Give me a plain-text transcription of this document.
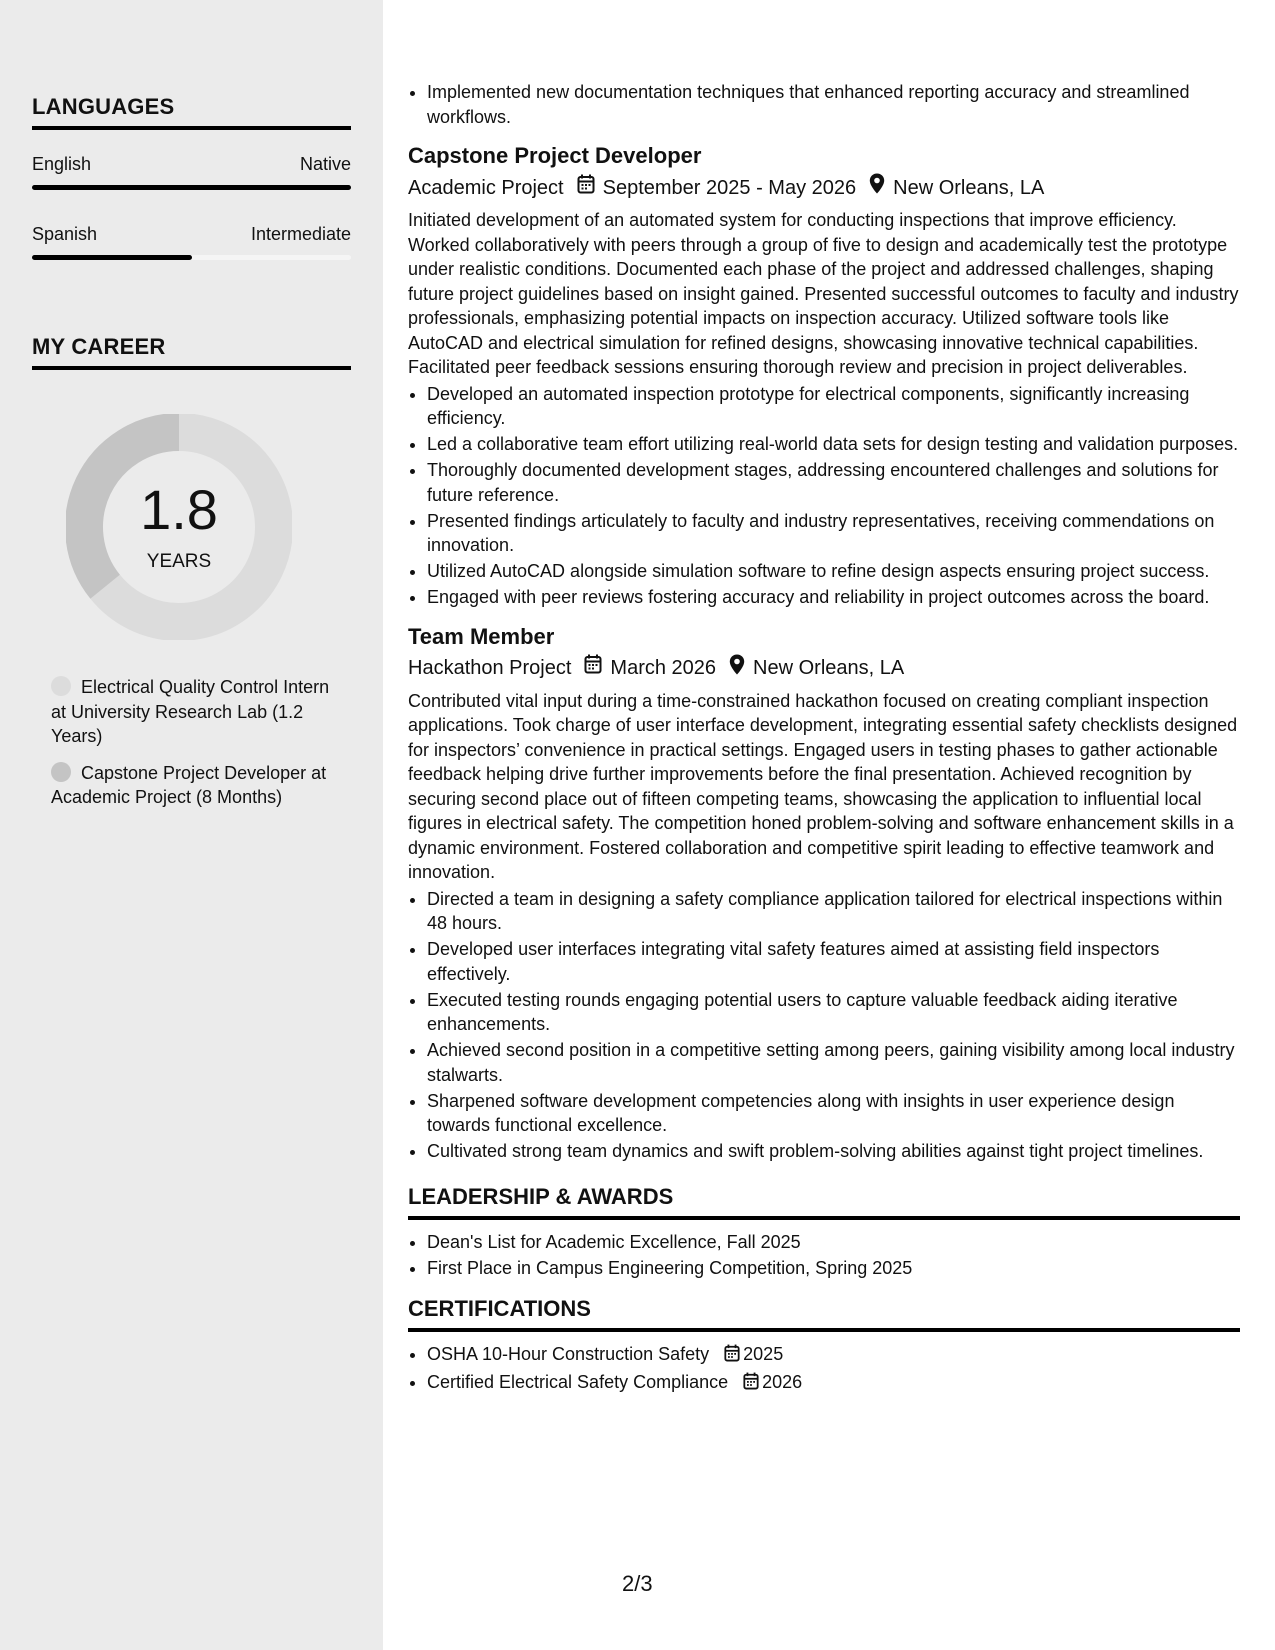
LANGUAGES
English	Native
Spanish	Intermediate
MY CAREER
1.8
YEARS
Electrical Quality Control Intern at University Research Lab (1.2 Years)
Capstone Project Developer at Academic Project (8 Months)
• Implemented new documentation techniques that enhanced reporting accuracy and streamlined workflows.
Capstone Project Developer
Academic Project September 2025 - May 2026 New Orleans, LA

Initiated development of an automated system for conducting inspections that improve efficiency. Worked collaboratively with peers through a group of five to design and academically test the prototype under realistic conditions. Documented each phase of the project and addressed challenges, shaping future project guidelines based on insight gained. Presented successful outcomes to faculty and industry professionals, emphasizing potential impacts on inspection accuracy. Utilized software tools like AutoCAD and electrical simulation for refined designs, showcasing innovative technical capabilities. Facilitated peer feedback sessions ensuring thorough review and precision in project deliverables.

• Developed an automated inspection prototype for electrical components, significantly increasing efficiency.
• Led a collaborative team effort utilizing real-world data sets for design testing and validation purposes.
• Thoroughly documented development stages, addressing encountered challenges and solutions for future reference.
• Presented findings articulately to faculty and industry representatives, receiving commendations on innovation.
• Utilized AutoCAD alongside simulation software to refine design aspects ensuring project success.
• Engaged with peer reviews fostering accuracy and reliability in project outcomes across the board.
Team Member
Hackathon Project March 2026 New Orleans, LA

Contributed vital input during a time-constrained hackathon focused on creating compliant inspection applications. Took charge of user interface development, integrating essential safety checklists designed for inspectors’ convenience in practical settings. Engaged users in testing phases to gather actionable feedback helping drive further improvements before the final presentation. Achieved recognition by securing second place out of fifteen competing teams, showcasing the application to influential local figures in electrical safety. The competition honed problem-solving and software enhancement skills in a dynamic environment. Fostered collaboration and competitive spirit leading to effective teamwork and innovation.

• Directed a team in designing a safety compliance application tailored for electrical inspections within 48 hours.
• Developed user interfaces integrating vital safety features aimed at assisting field inspectors effectively.
• Executed testing rounds engaging potential users to capture valuable feedback aiding iterative enhancements.
• Achieved second position in a competitive setting among peers, gaining visibility among local industry stalwarts.
• Sharpened software development competencies along with insights in user experience design towards functional excellence.
• Cultivated strong team dynamics and swift problem-solving abilities against tight project timelines.
LEADERSHIP & AWARDS
• Dean's List for Academic Excellence, Fall 2025
• First Place in Campus Engineering Competition, Spring 2025
CERTIFICATIONS
• OSHA 10-Hour Construction Safety 2025
• Certified Electrical Safety Compliance 2026
2/3
